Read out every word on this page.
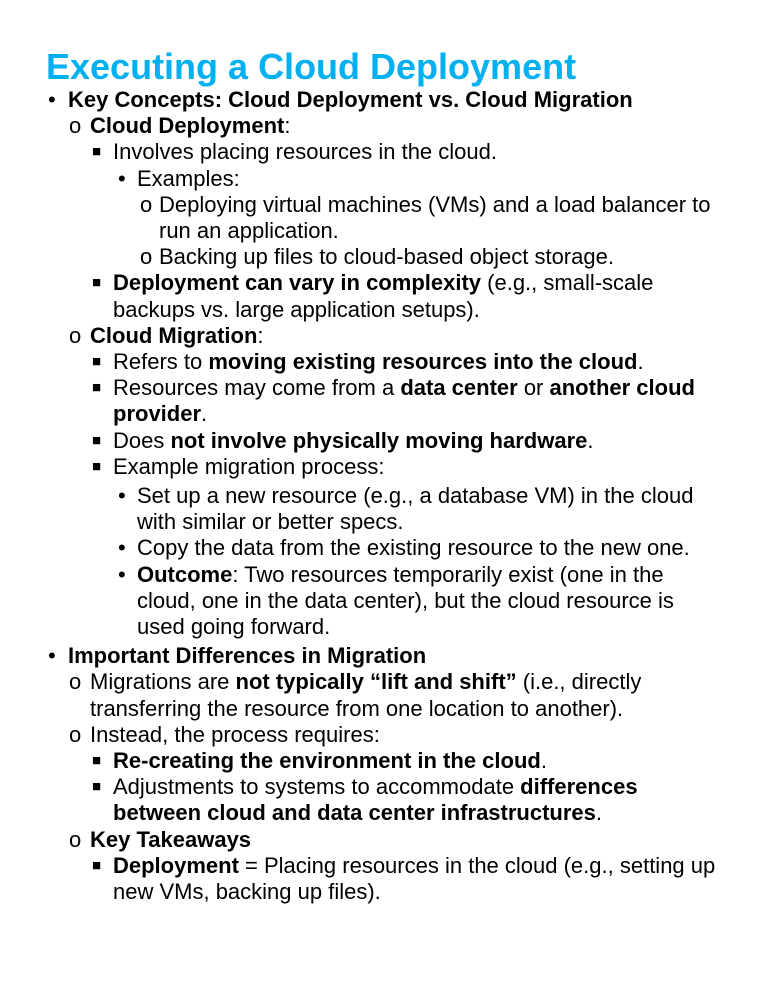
Executing a Cloud Deployment
• Key Concepts: Cloud Deployment vs. Cloud Migration
o Cloud Deployment:
■ Involves placing resources in the cloud.
• Examples:
o Deploying virtual machines (VMs) and a load balancer to run an application.
o Backing up files to cloud-based object storage.
■ Deployment can vary in complexity (e.g., small-scale backups vs. large application setups).
o Cloud Migration:
■ Refers to moving existing resources into the cloud.
■ Resources may come from a data center or another cloud provider.
■ Does not involve physically moving hardware.
■ Example migration process:
• Set up a new resource (e.g., a database VM) in the cloud with similar or better specs.
• Copy the data from the existing resource to the new one.
• Outcome: Two resources temporarily exist (one in the cloud, one in the data center), but the cloud resource is used going forward.
• Important Differences in Migration
o Migrations are not typically “lift and shift” (i.e., directly transferring the resource from one location to another).
o Instead, the process requires:
■ Re-creating the environment in the cloud.
■ Adjustments to systems to accommodate differences between cloud and data center infrastructures.
o Key Takeaways
■ Deployment = Placing resources in the cloud (e.g., setting up new VMs, backing up files).
